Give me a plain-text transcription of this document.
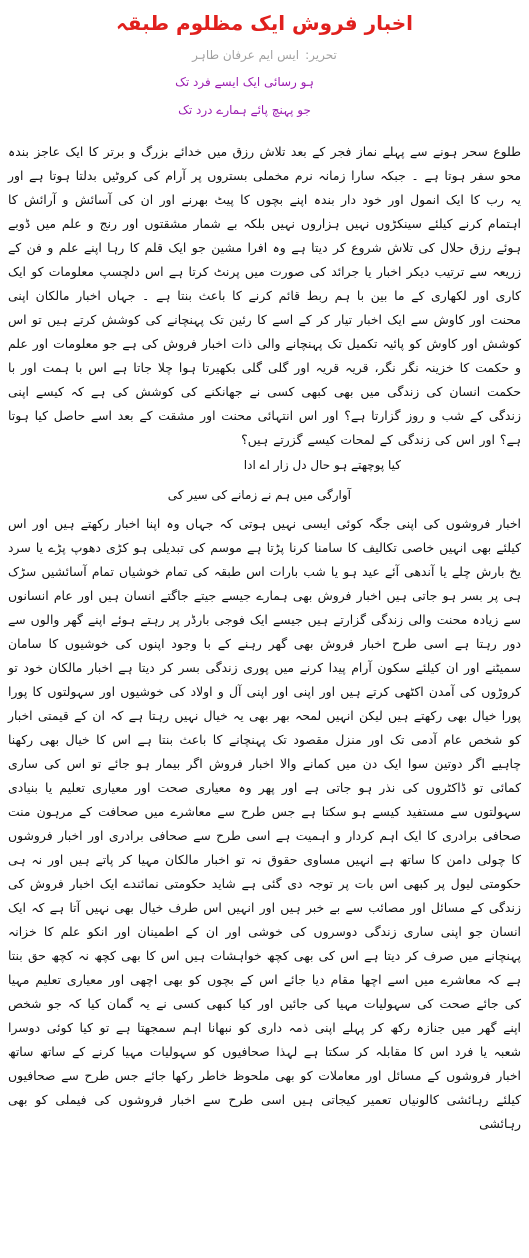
اخبار فروش ایک مظلوم طبقہ

تحریر:ایس ایم عرفان طاہر

ہو رسائی ایک ایسے فرد تک

جو پہنچ پائے ہمارے درد تک

طلوع سحر ہونے سے پہلے نماز فجر کے بعد تلاش رزق میں خدائے بزرگ و برتر کا ایک عاجز بندہ محو سفر ہوتا ہے ۔ جبکہ سارا زمانہ نرم مخملی بستروں پر آرام کی کروٹیں بدلتا ہوتا ہے اور یہ رب کا ایک انمول اور خود دار بندہ اپنے بچوں کا پیٹ بھرنے اور ان کی آسائش و آرائش کا اہتمام کرنے کیلئے سینکڑوں نہیں ہزاروں نہیں بلکہ بے شمار مشقتوں اور رنج و علم میں ڈوبے ہوئے رزق حلال کی تلاش شروع کر دیتا ہے وہ افرا مشین جو ایک قلم کا رہا اپنے علم و فن کے زریعہ سے ترتیب دیکر اخبار یا جرائد کی صورت میں پرنٹ کرتا ہے اس دلچسپ معلومات کو ایک کاری اور لکھاری کے ما بین با ہم ربط قائم کرنے کا باعث بنتا ہے ۔ جہاں اخبار مالکان اپنی محنت اور کاوش سے ایک اخبار تیار کر کے اسے کا رئین تک پہنچانے کی کوشش کرتے ہیں تو اس کوشش اور کاوش کو پائیہ تکمیل تک پہنچانے والی ذات اخبار فروش کی ہے جو معلومات اور علم و حکمت کا خزینہ نگر نگر، قریہ قریہ اور گلی گلی بکھیرتا ہوا چلا جاتا ہے اس با ہمت اور با حکمت انسان کی زندگی میں بھی کبھی کسی نے جھانکنے کی کوشش کی ہے کہ کیسے اپنی زندگی کے شب و روز گزارتا ہے؟ اور اس انتہائی محنت اور مشقت کے بعد اسے حاصل کیا ہوتا ہے؟ اور اس کی زندگی کے لمحات کیسے گزرتے ہیں؟

کیا پوچھتے ہو حال دل زار اے ادا

آوارگی میں ہم نے زمانے کی سیر کی

اخبار فروشوں کی اپنی جگہ کوئی ایسی نہیں ہوتی کہ جہاں وہ اپنا اخبار رکھتے ہیں اور اس کیلئے بھی انہیں خاصی تکالیف کا سامنا کرنا پڑتا ہے موسم کی تبدیلی ہو کڑی دھوپ پڑے یا سرد یخ بارش چلے یا آندھی آئے عید ہو یا شب بارات اس طبقہ کی تمام خوشیاں تمام آسائشیں سڑک ہی پر بسر ہو جاتی ہیں اخبار فروش بھی ہمارے جیسے جیتے جاگتے انسان ہیں اور عام انسانوں سے زیادہ محنت والی زندگی گزارتے ہیں جیسے ایک فوجی بارڈر پر رہتے ہوئے اپنے گھر والوں سے دور رہتا ہے اسی طرح اخبار فروش بھی گھر رہنے کے با وجود اپنوں کی خوشیوں کا سامان سمیٹنے اور ان کیلئے سکون آرام پیدا کرنے میں پوری زندگی بسر کر دیتا ہے اخبار مالکان خود تو کروڑوں کی آمدن اکٹھی کرتے ہیں اور اپنی اور اپنی آل و اولاد کی خوشیوں اور سہولتوں کا پورا پورا خیال بھی رکھتے ہیں لیکن انہیں لمحہ بھر بھی یہ خیال نہیں رہتا ہے کہ ان کے قیمتی اخبار کو شخص عام آدمی تک اور منزل مقصود تک پہنچانے کا باعث بنتا ہے اس کا خیال بھی رکھنا چاہیے اگر دوتین سوا ایک دن میں کمانے والا اخبار فروش اگر بیمار ہو جائے تو اس کی ساری کمائی تو ڈاکٹروں کی نذر ہو جاتی ہے اور پھر وہ معیاری صحت اور معیاری تعلیم یا بنیادی سہولتوں سے مستفید کیسے ہو سکتا ہے جس طرح سے معاشرے میں صحافت کے مرہون منت صحافی برادری کا ایک اہم کردار و اہمیت ہے اسی طرح سے صحافی برادری اور اخبار فروشوں کا چولی دامن کا ساتھ ہے انہیں مساوی حقوق نہ تو اخبار مالکان مہیا کر پاتے ہیں اور نہ ہی حکومتی لیول پر کبھی اس بات پر توجہ دی گئی ہے شاید حکومتی نمائندے ایک اخبار فروش کی زندگی کے مسائل اور مصائب سے بے خبر ہیں اور انہیں اس طرف خیال بھی نہیں آتا ہے کہ ایک انسان جو اپنی ساری زندگی دوسروں کی خوشی اور ان کے اطمینان اور انکو علم کا خزانہ پہنچانے میں صرف کر دیتا ہے اس کی بھی کچھ خواہشات ہیں اس کا بھی کچھ نہ کچھ حق بنتا ہے کہ معاشرے میں اسے اچھا مقام دیا جائے اس کے بچوں کو بھی اچھی اور معیاری تعلیم مہیا کی جائے صحت کی سہولیات مہیا کی جائیں اور کیا کبھی کسی نے یہ گمان کیا کہ جو شخص اپنے گھر میں جنازہ رکھ کر پہلے اپنی ذمہ داری کو نبھانا اہم سمجھتا ہے تو کیا کوئی دوسرا شعبہ یا فرد اس کا مقابلہ کر سکتا ہے لہذا صحافیوں کو سہولیات مہیا کرنے کے ساتھ ساتھ اخبار فروشوں کے مسائل اور معاملات کو بھی ملحوظ خاطر رکھا جائے جس طرح سے صحافیوں کیلئے رہائشی کالونیاں تعمیر کیجاتی ہیں اسی طرح سے اخبار فروشوں کی فیملی کو بھی رہائشی
